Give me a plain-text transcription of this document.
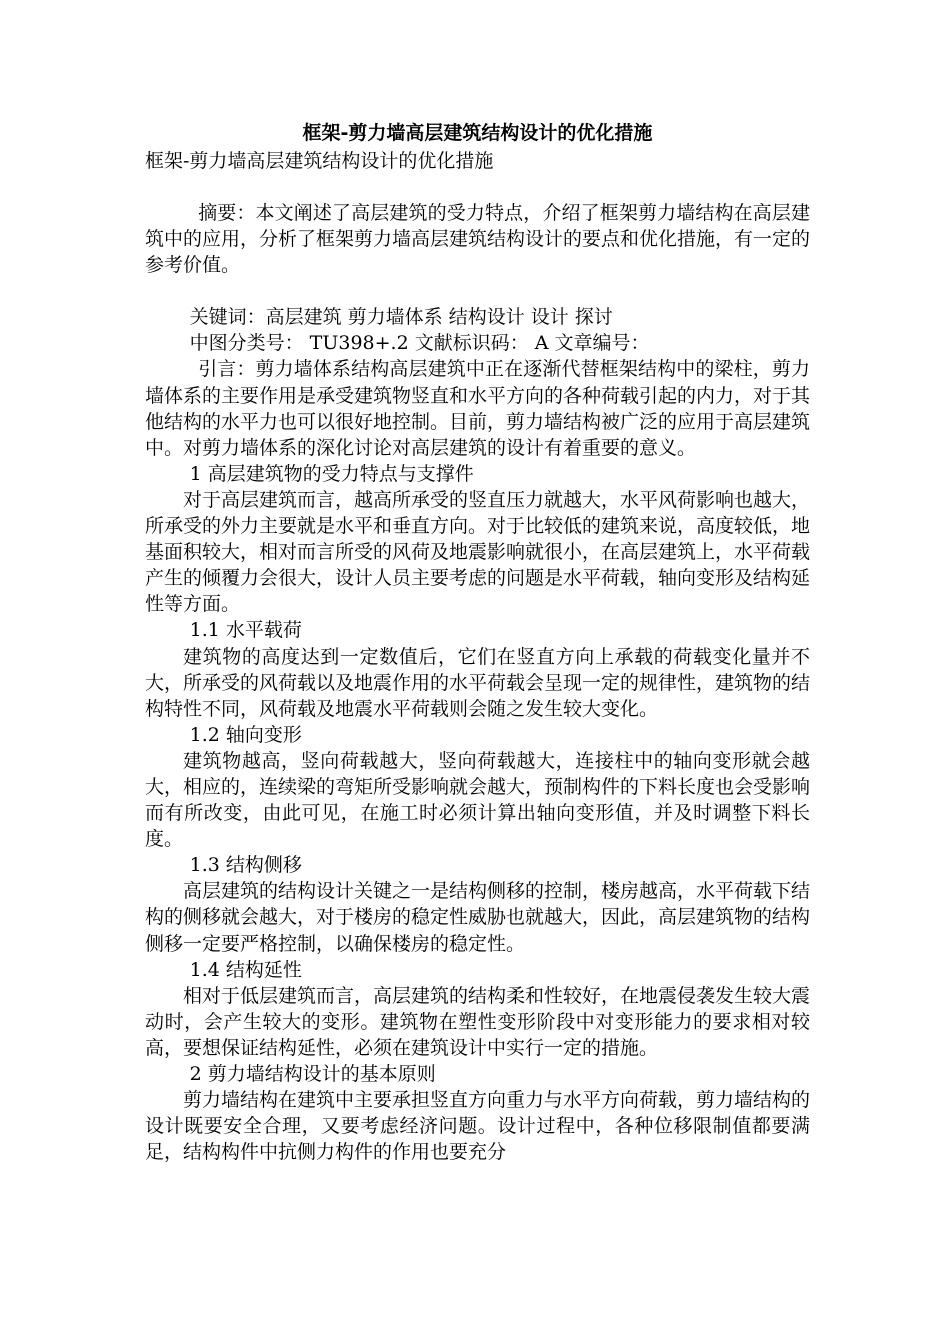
框架-剪力墙高层建筑结构设计的优化措施
框架-剪力墙高层建筑结构设计的优化措施

摘要：本文阐述了高层建筑的受力特点，介绍了框架剪力墙结构在高层建筑中的应用，分析了框架剪力墙高层建筑结构设计的要点和优化措施，有一定的参考价值。

关键词：高层建筑 剪力墙体系 结构设计 设计 探讨

中图分类号： TU398+.2 文献标识码： A 文章编号：

引言：剪力墙体系结构高层建筑中正在逐渐代替框架结构中的梁柱，剪力墙体系的主要作用是承受建筑物竖直和水平方向的各种荷载引起的内力，对于其他结构的水平力也可以很好地控制。目前，剪力墙结构被广泛的应用于高层建筑中。对剪力墙体系的深化讨论对高层建筑的设计有着重要的意义。

1 高层建筑物的受力特点与支撑件

对于高层建筑而言，越高所承受的竖直压力就越大，水平风荷影响也越大，所承受的外力主要就是水平和垂直方向。对于比较低的建筑来说，高度较低，地基面积较大，相对而言所受的风荷及地震影响就很小，在高层建筑上，水平荷载产生的倾覆力会很大，设计人员主要考虑的问题是水平荷载，轴向变形及结构延性等方面。

1.1 水平载荷

建筑物的高度达到一定数值后，它们在竖直方向上承载的荷载变化量并不大，所承受的风荷载以及地震作用的水平荷载会呈现一定的规律性，建筑物的结构特性不同，风荷载及地震水平荷载则会随之发生较大变化。

1.2 轴向变形

建筑物越高，竖向荷载越大，竖向荷载越大，连接柱中的轴向变形就会越大，相应的，连续梁的弯矩所受影响就会越大，预制构件的下料长度也会受影响而有所改变，由此可见，在施工时必须计算出轴向变形值，并及时调整下料长度。

1.3 结构侧移

高层建筑的结构设计关键之一是结构侧移的控制，楼房越高，水平荷载下结构的侧移就会越大，对于楼房的稳定性威胁也就越大，因此，高层建筑物的结构侧移一定要严格控制，以确保楼房的稳定性。

1.4 结构延性

相对于低层建筑而言，高层建筑的结构柔和性较好，在地震侵袭发生较大震动时，会产生较大的变形。建筑物在塑性变形阶段中对变形能力的要求相对较高，要想保证结构延性，必须在建筑设计中实行一定的措施。

2 剪力墙结构设计的基本原则

剪力墙结构在建筑中主要承担竖直方向重力与水平方向荷载，剪力墙结构的设计既要安全合理，又要考虑经济问题。设计过程中，各种位移限制值都要满足，结构构件中抗侧力构件的作用也要充分
